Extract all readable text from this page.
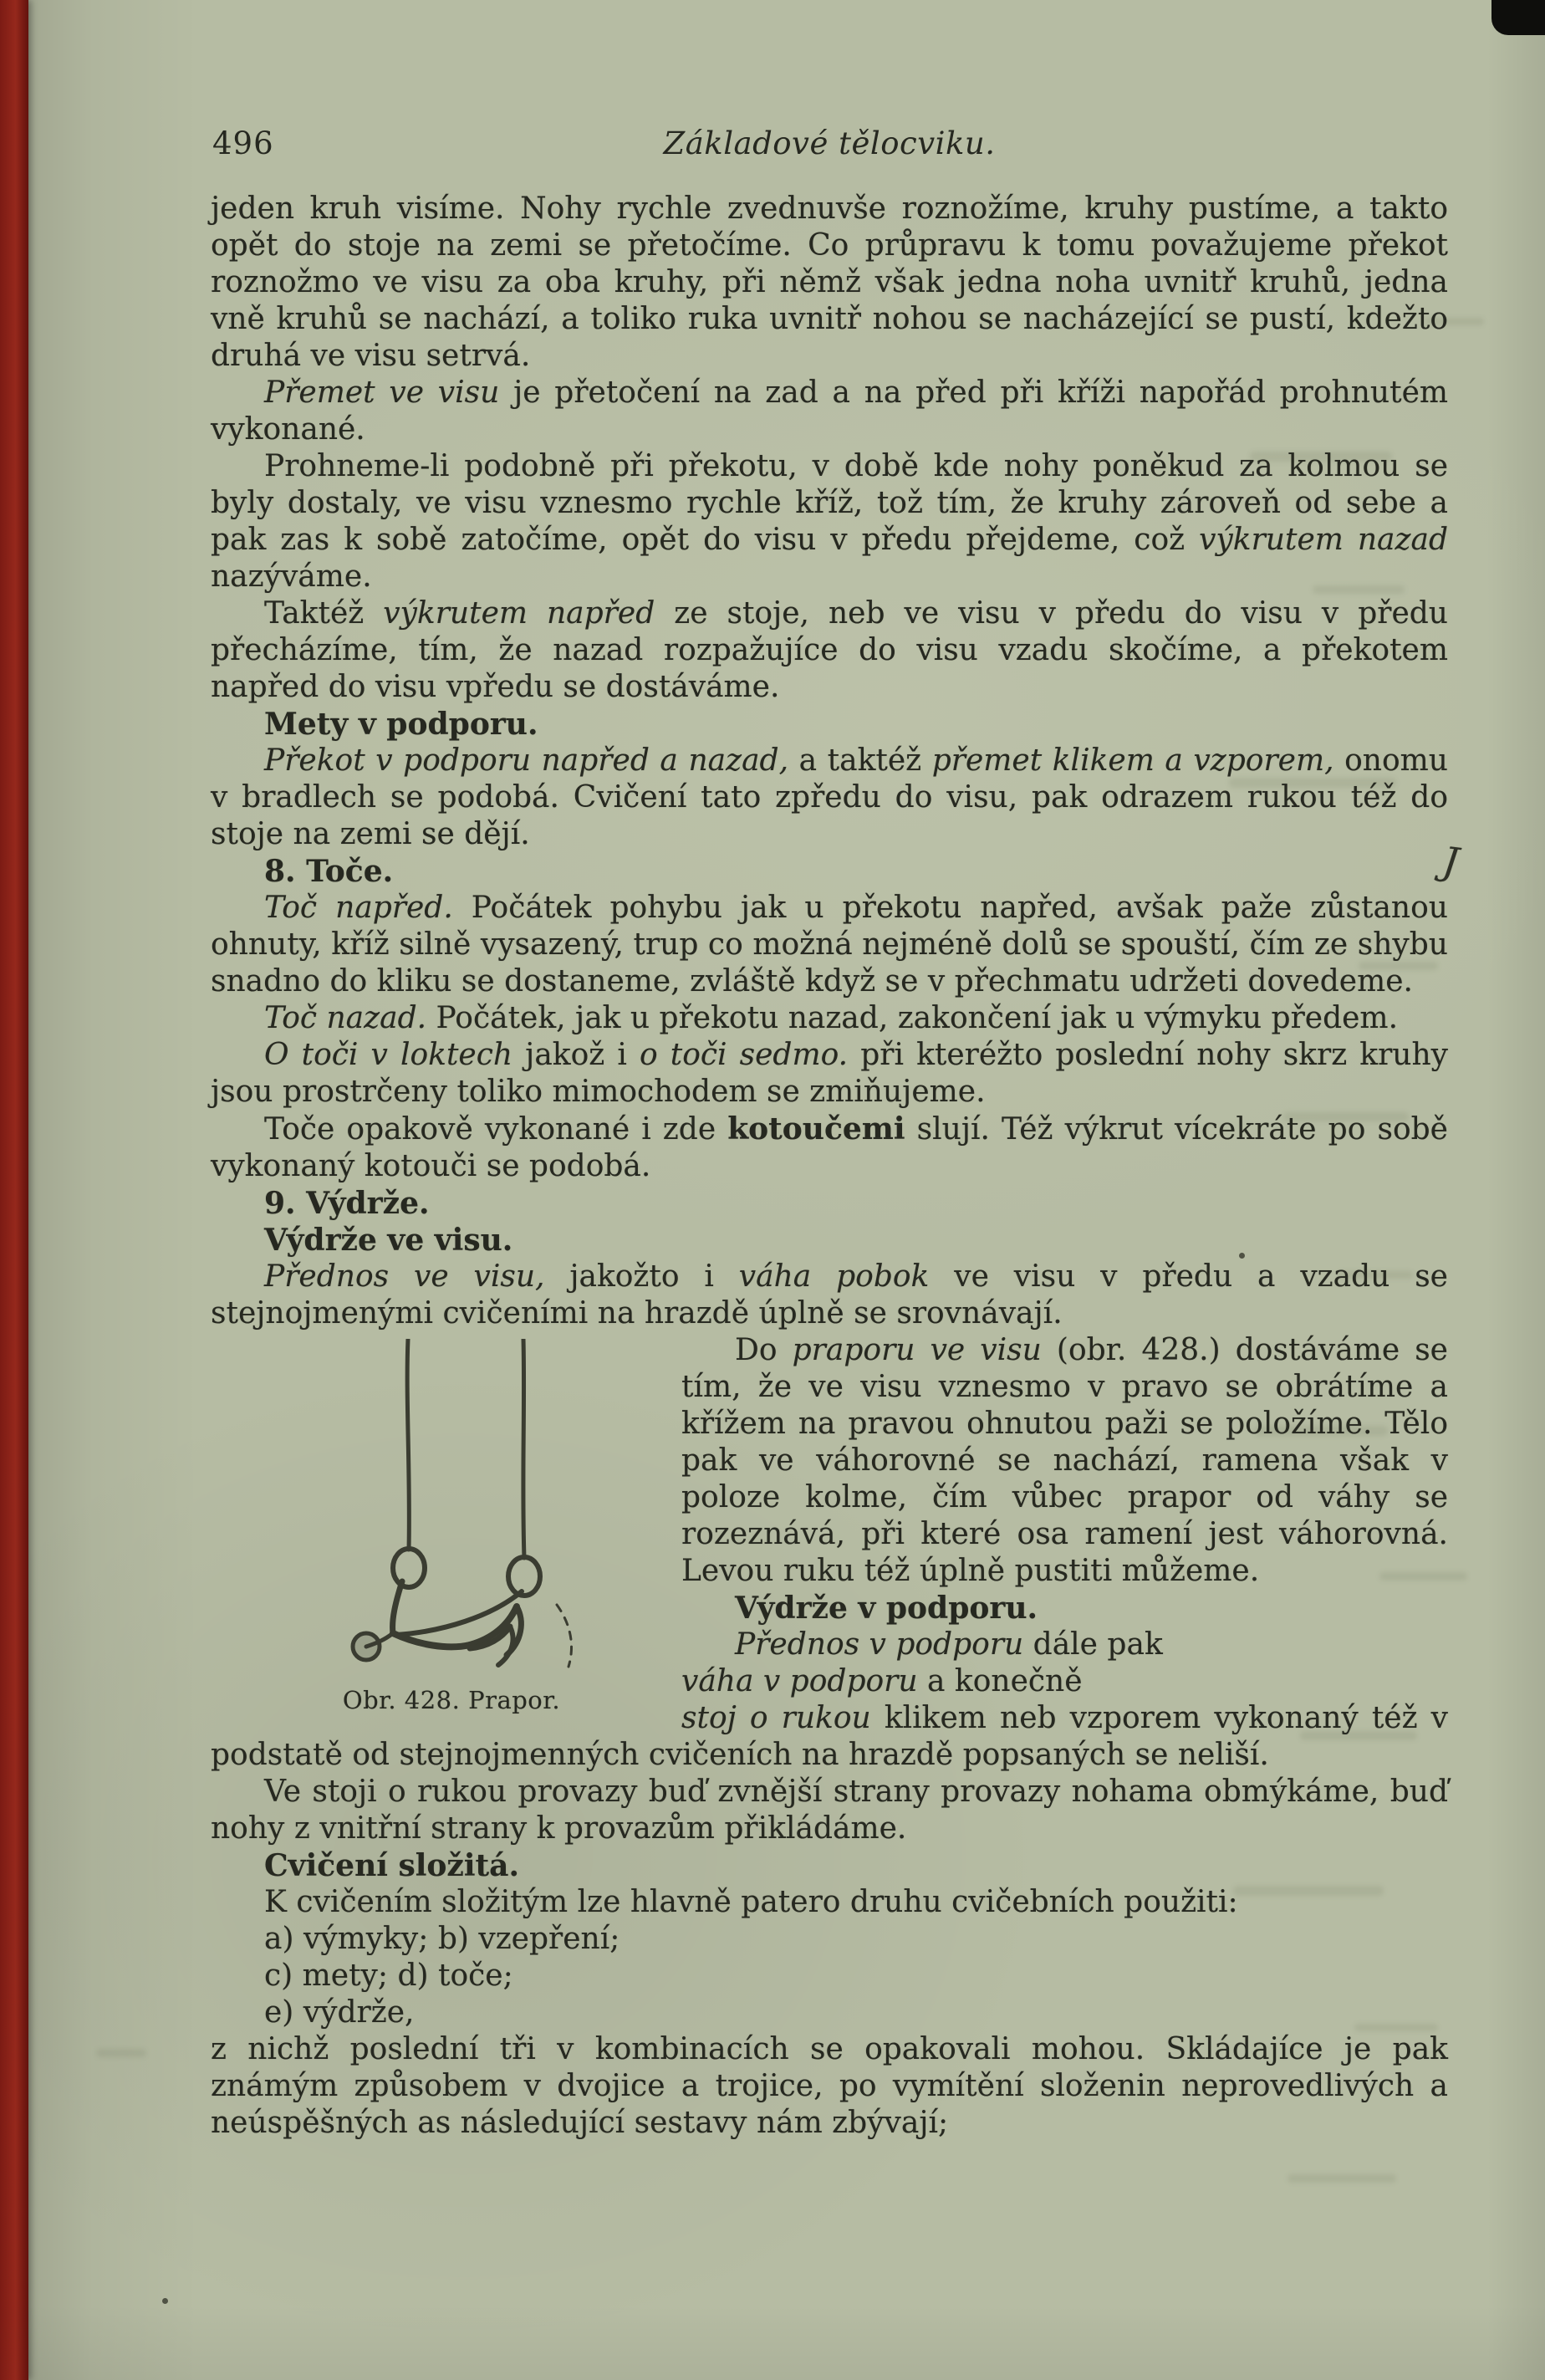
496	Základové tělocviku.

jeden kruh visíme. Nohy rychle zvednuvše roznožíme, kruhy pustíme, a takto opět do stoje na zemi se přetočíme. Co průpravu k tomu považujeme překot roznožmo ve visu za oba kruhy, při němž však jedna noha uvnitř kruhů, jedna vně kruhů se nachází, a toliko ruka uvnitř nohou se nacházející se pustí, kdežto druhá ve visu setrvá.

Přemet ve visu je přetočení na zad a na před při kříži napořád prohnutém vykonané.

Prohneme-li podobně při překotu, v době kde nohy poněkud za kolmou se byly dostaly, ve visu vznesmo rychle kříž, tož tím, že kruhy zároveň od sebe a pak zas k sobě zatočíme, opět do visu v předu přejdeme, což výkrutem nazad nazýváme.

Taktéž výkrutem napřed ze stoje, neb ve visu v předu do visu v předu přecházíme, tím, že nazad rozpažujíce do visu vzadu skočíme, a překotem napřed do visu vpředu se dostáváme.

Mety v podporu.

Překot v podporu napřed a nazad, a taktéž přemet klikem a vzporem, onomu v bradlech se podobá. Cvičení tato zpředu do visu, pak odrazem rukou též do stoje na zemi se dějí.

8. Toče.	J

Toč napřed. Počátek pohybu jak u překotu napřed, avšak paže zůstanou ohnuty, kříž silně vysazený, trup co možná nejméně dolů se spouští, čím ze shybu snadno do kliku se dostaneme, zvláště když se v přechmatu udržeti dovedeme.

Toč nazad. Počátek, jak u překotu nazad, zakončení jak u výmyku předem.

O toči v loktech jakož i o toči sedmo. při kteréžto poslední nohy skrz kruhy jsou prostrčeny toliko mimochodem se zmiňujeme.

Toče opakově vykonané i zde kotoučemi slují. Též výkrut vícekráte po sobě vykonaný kotouči se podobá.

9. Výdrže.

Výdrže ve visu.

Přednos ve visu, jakožto i váha pobok ve visu v předu a vzadu se stejnojmenými cvičeními na hrazdě úplně se srovnávají.

Obr. 428. Prapor.

Do praporu ve visu (obr. 428.) dostáváme se tím, že ve visu vznesmo v pravo se obrátíme a křížem na pravou ohnutou paži se položíme. Tělo pak ve váhorovné se nachází, ramena však v poloze kolme, čím vůbec prapor od váhy se rozeznává, při které osa ramení jest váhorovná. Levou ruku též úplně pustiti můžeme.

Výdrže v podporu.

Přednos v podporu dále pak

váha v podporu a konečně

stoj o rukou klikem neb vzporem vykonaný též v podstatě od stejnojmenných cvičeních na hrazdě popsaných se neliší.

Ve stoji o rukou provazy buď zvnější strany provazy nohama obmýkáme, buď nohy z vnitřní strany k provazům přikládáme.

Cvičení složitá.

K cvičením složitým lze hlavně patero druhu cvičebních použiti:

a) výmyky; b) vzepření;

c) mety; d) toče;

e) výdrže,

z nichž poslední tři v kombinacích se opakovali mohou. Skládajíce je pak známým způsobem v dvojice a trojice, po vymítění složenin neprovedlivých a neúspěšných as následující sestavy nám zbývají;
